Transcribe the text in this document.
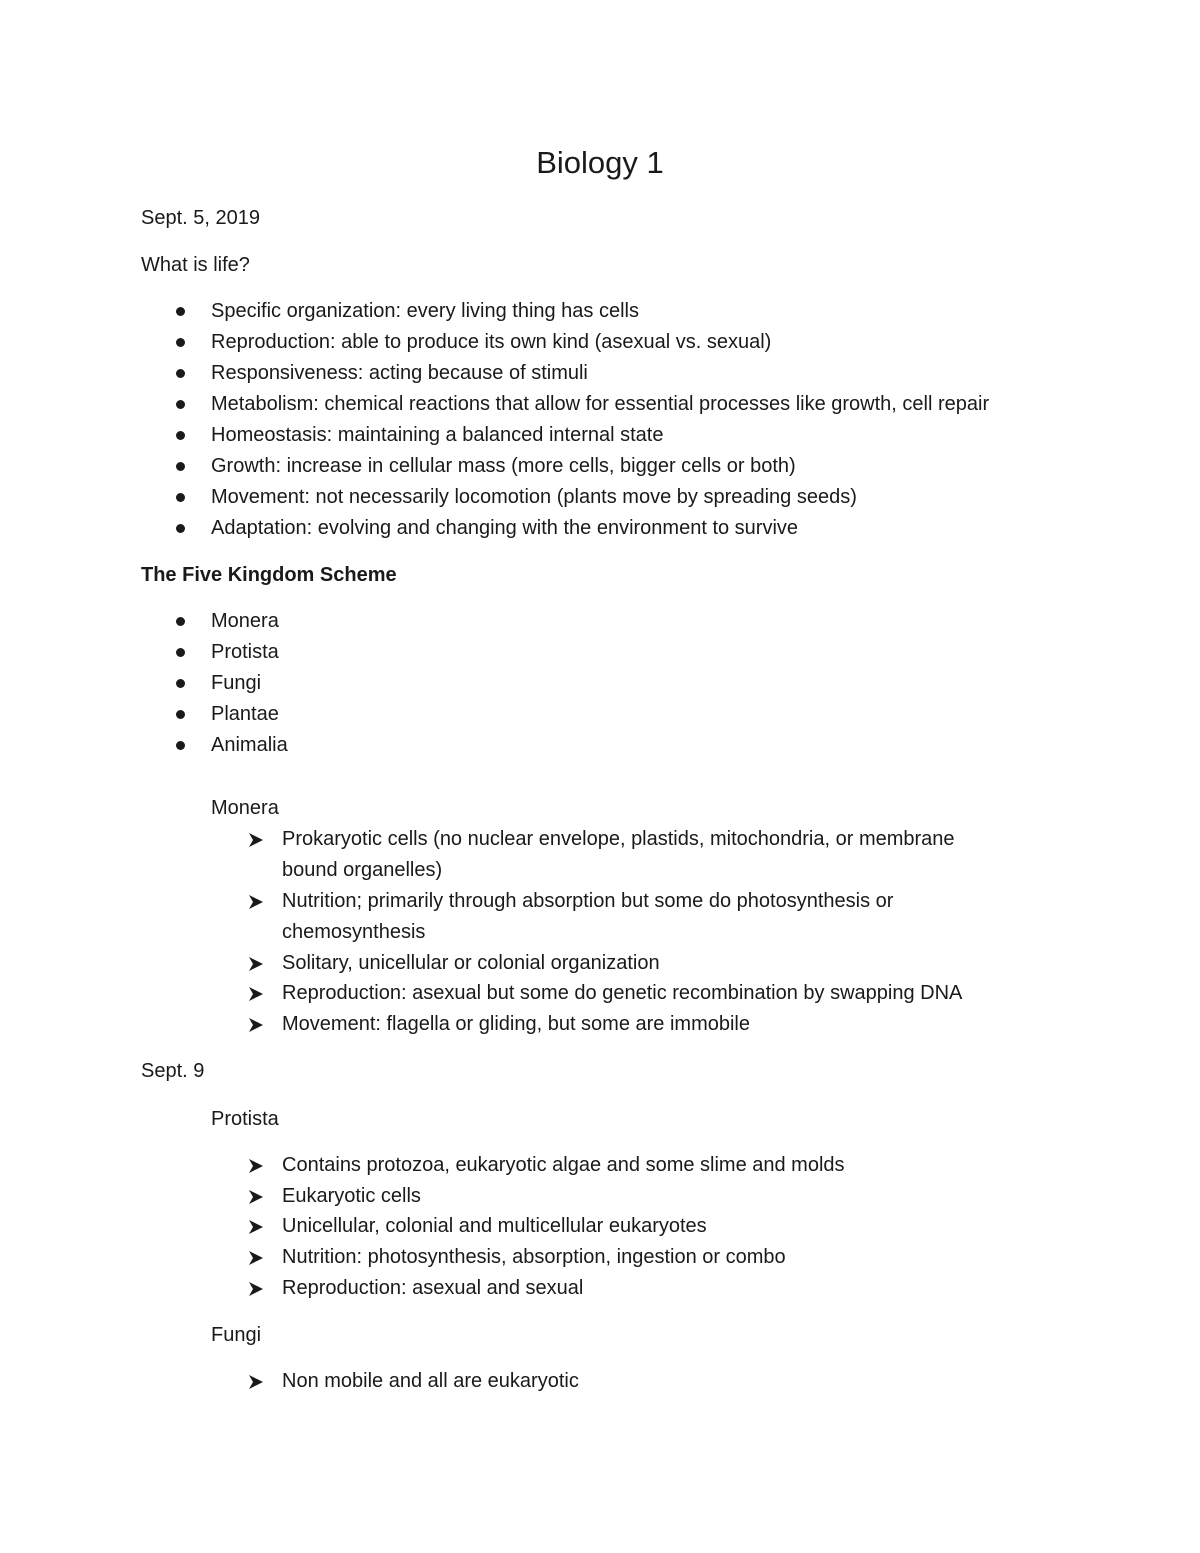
Biology 1
Sept. 5, 2019
What is life?
Specific organization: every living thing has cells
Reproduction: able to produce its own kind (asexual vs. sexual)
Responsiveness: acting because of stimuli
Metabolism: chemical reactions that allow for essential processes like growth, cell repair
Homeostasis: maintaining a balanced internal state
Growth: increase in cellular mass (more cells, bigger cells or both)
Movement: not necessarily locomotion (plants move by spreading seeds)
Adaptation: evolving and changing with the environment to survive
The Five Kingdom Scheme
Monera
Protista
Fungi
Plantae
Animalia
Monera
Prokaryotic cells (no nuclear envelope, plastids, mitochondria, or membrane
bound organelles)
Nutrition; primarily through absorption but some do photosynthesis or
chemosynthesis
Solitary, unicellular or colonial organization
Reproduction: asexual but some do genetic recombination by swapping DNA
Movement: flagella or gliding, but some are immobile
Sept. 9
Protista
Contains protozoa, eukaryotic algae and some slime and molds
Eukaryotic cells
Unicellular, colonial and multicellular eukaryotes
Nutrition: photosynthesis, absorption, ingestion or combo
Reproduction: asexual and sexual
Fungi
Non mobile and all are eukaryotic
